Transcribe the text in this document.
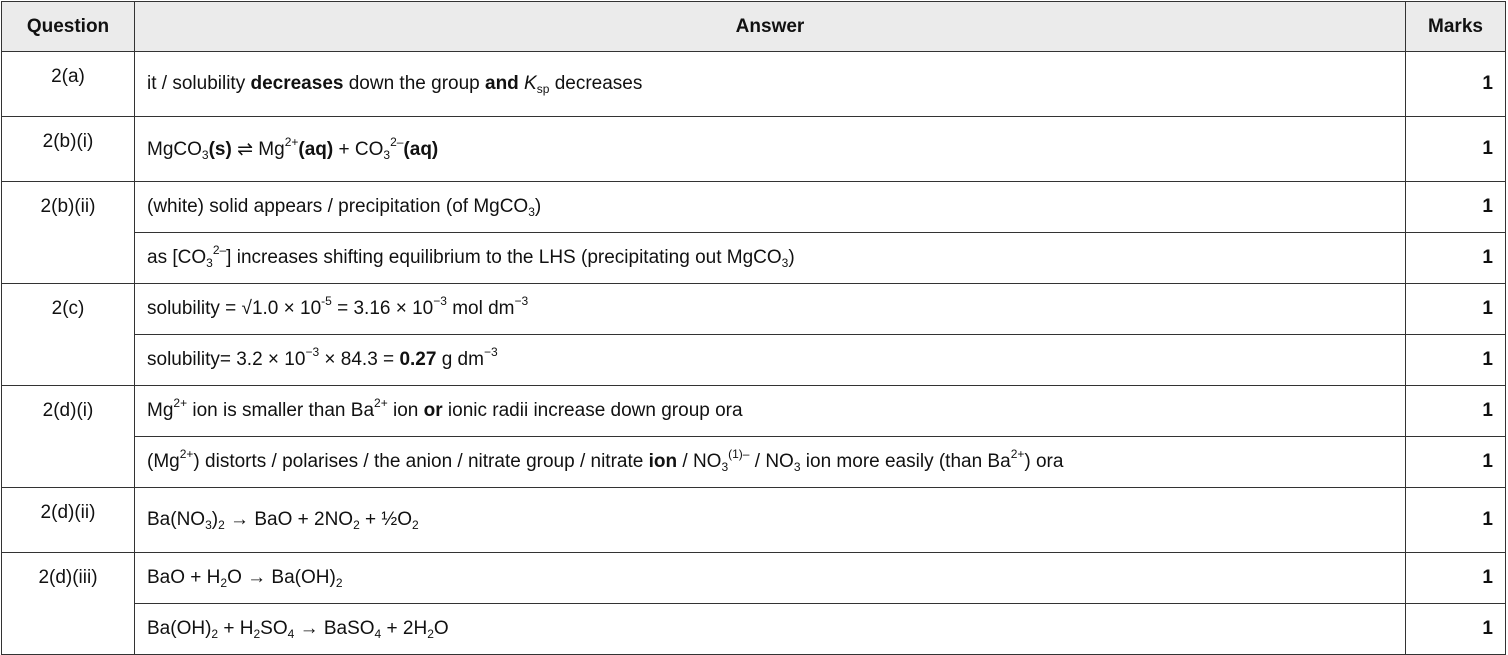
Question	Answer	Marks
2(a)	it / solubility decreases down the group and $K_{sp}$ decreases	1
2(b)(i)	MgCO$_3$(s) ⇌ $Mg^{2+}(aq) + CO_3^{2-}(aq)$	1
2(b)(ii)	(white) solid appears / precipitation (of MgCO$_3$)	1
	as $[CO_3^{2-}]$ increases shifting equilibrium to the LHS (precipitating out MgCO$_3$)	1
2(c)	solubility = $√1.0 \times 10^{-5} = 3.16 \times 10^{-3}$ mol $dm^{-3}$	1
	solubility= $3.2 \times 10^{-3} \times 84.3 = 0.27$ g $dm^{-3}$	1
2(d)(i)	$Mg^{2+}$ ion is smaller than $Ba^{2+}$ ion or ionic radii increase down group ora	1
	$(Mg^{2+})$ distorts / polarises / the anion / nitrate group / nitrate ion / $NO_3^{(1)-} / NO_3$ ion more easily (than $Ba^{2+}$) ora	1
2(d)(ii)	$Ba(NO_3)_2$ → BaO + $2NO_2$ + $\frac{1}{2}O_2$	1
2(d)(iii)	BaO + $H_2O \to Ba(OH)_2$	1
	$Ba(OH)_2 + H_2SO_4$ → BaSO$_4$ + $2H_2O$	1
